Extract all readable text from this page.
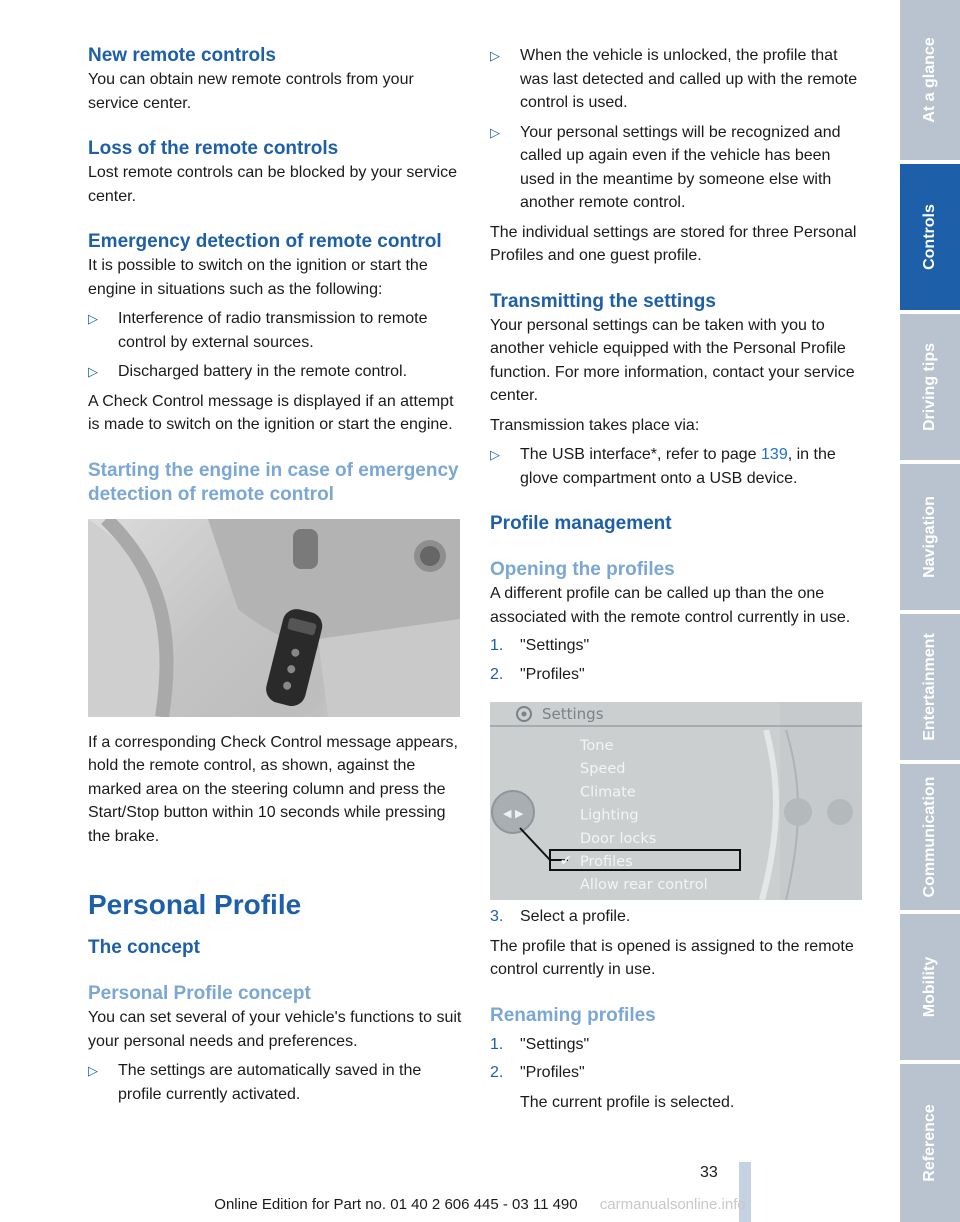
New remote controls

You can obtain new remote controls from your service center.

Loss of the remote controls

Lost remote controls can be blocked by your service center.

Emergency detection of remote control

It is possible to switch on the ignition or start the engine in situations such as the following:

▷ Interference of radio transmission to remote control by external sources.
▷ Discharged battery in the remote control.

A Check Control message is displayed if an attempt is made to switch on the ignition or start the engine.

Starting the engine in case of emergency detection of remote control

If a corresponding Check Control message appears, hold the remote control, as shown, against the marked area on the steering column and press the Start/Stop button within 10 seconds while pressing the brake.

Personal Profile
The concept
Personal Profile concept

You can set several of your vehicle's functions to suit your personal needs and preferences.

▷ The settings are automatically saved in the profile currently activated.
▷ When the vehicle is unlocked, the profile that was last detected and called up with the remote control is used.
▷ Your personal settings will be recognized and called up again even if the vehicle has been used in the meantime by someone else with another remote control.

The individual settings are stored for three Personal Profiles and one guest profile.

Transmitting the settings

Your personal settings can be taken with you to another vehicle equipped with the Personal Profile function. For more information, contact your service center.

Transmission takes place via:

▷ The USB interface*, refer to page 139, in the glove compartment onto a USB device.
Profile management
Opening the profiles

A different profile can be called up than the one associated with the remote control currently in use.

1. "Settings"
2. "Profiles"
Settings
◀ ▶
✔
Tone
Speed
Climate
Lighting
Door locks
Profiles
Allow rear control
3. Select a profile.

The profile that is opened is assigned to the remote control currently in use.

Renaming profiles
1. "Settings"
2. "Profiles"

The current profile is selected.

At a glance
Controls
Driving tips
Navigation
Entertainment
Communication
Mobility
Reference
33
Online Edition for Part no. 01 40 2 606 445 - 03 11 490 carmanualsonline.info
